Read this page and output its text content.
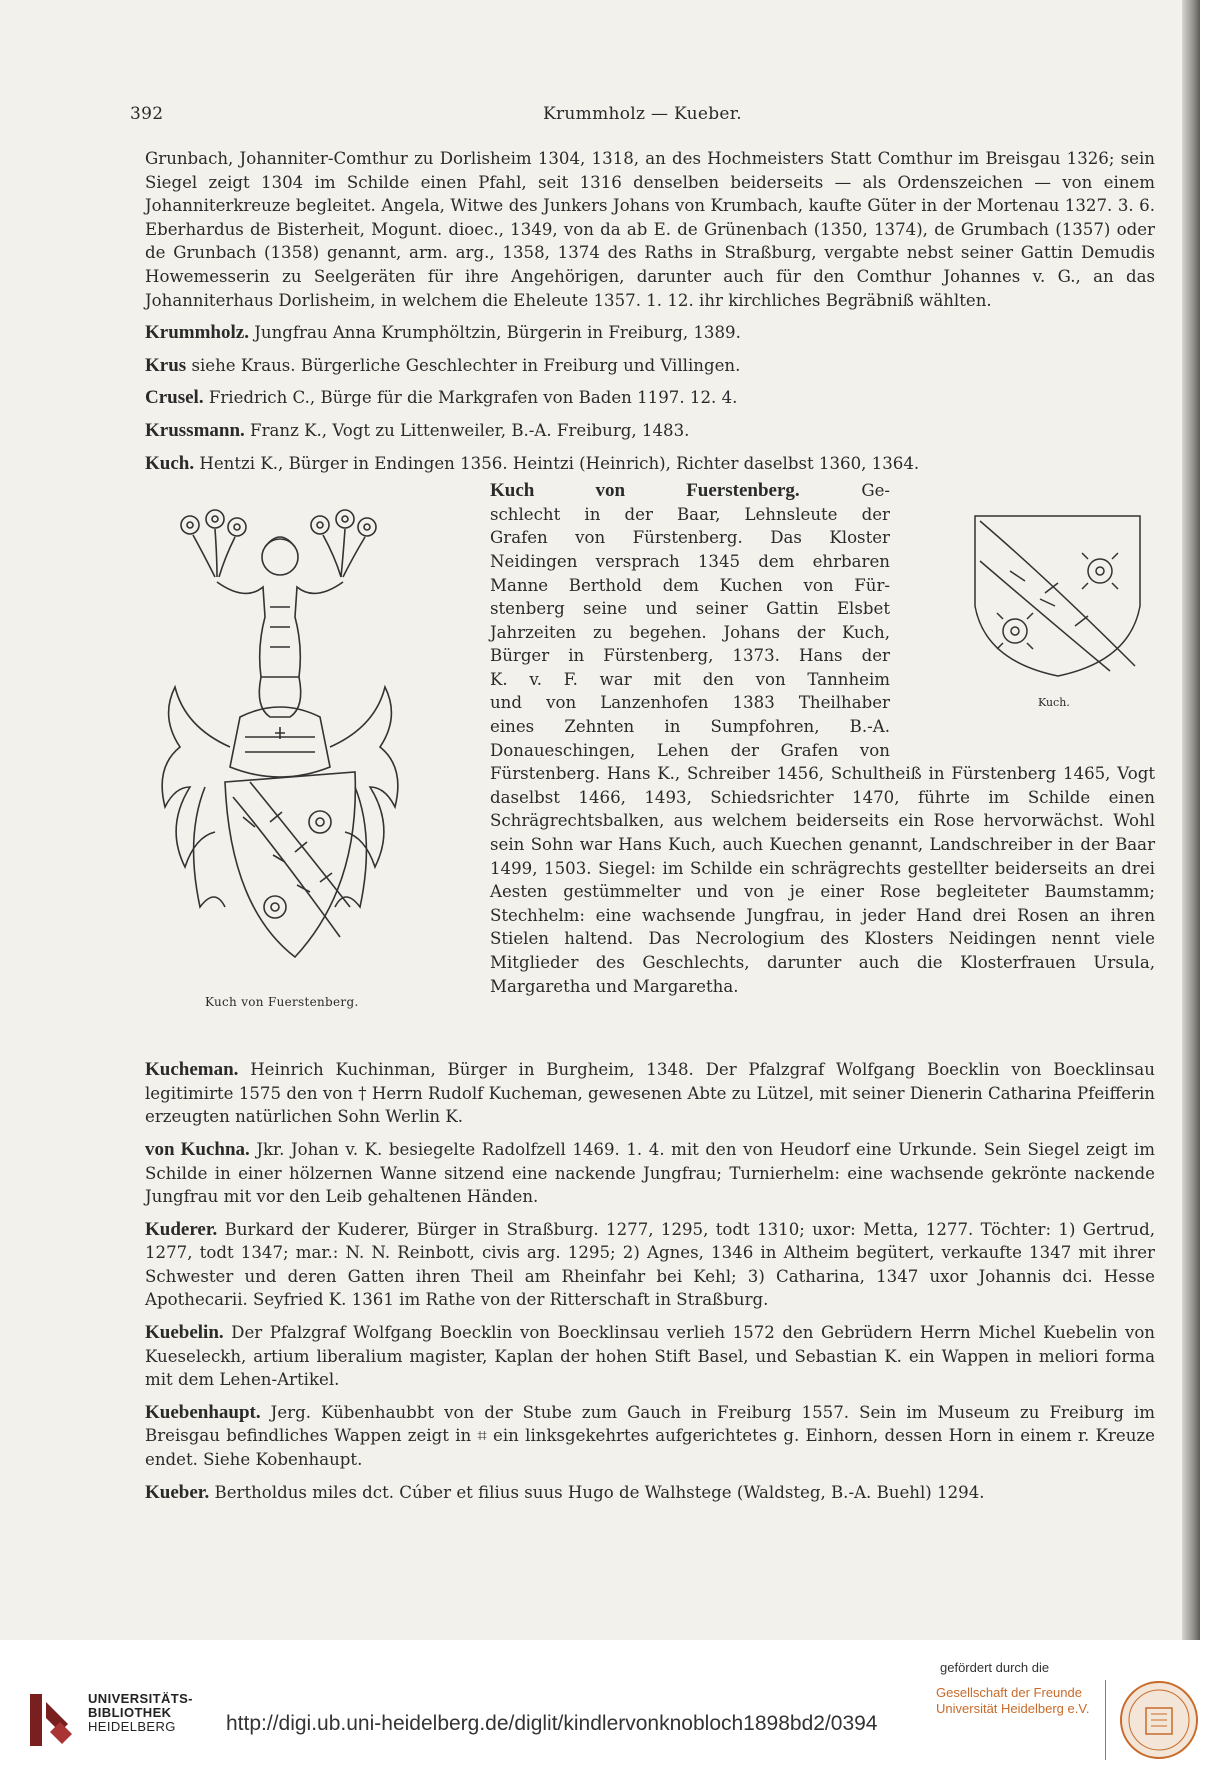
392	Krummholz — Kueber.

Grunbach, Johanniter-Comthur zu Dorlisheim 1304, 1318, an des Hochmeisters Statt Comthur im Breisgau 1326; sein Siegel zeigt 1304 im Schilde einen Pfahl, seit 1316 denselben beiderseits — als Ordenszeichen — von einem Johanniterkreuze begleitet. Angela, Witwe des Junkers Johans von Krumbach, kaufte Güter in der Mortenau 1327. 3. 6. Eberhardus de Bisterheit, Mogunt. dioec., 1349, von da ab E. de Grünenbach (1350, 1374), de Grumbach (1357) oder de Grunbach (1358) genannt, arm. arg., 1358, 1374 des Raths in Straßburg, vergabte nebst seiner Gattin Demudis Howemesserin zu Seelgeräten für ihre Angehörigen, darunter auch für den Comthur Johannes v. G., an das Johanniterhaus Dorlisheim, in welchem die Eheleute 1357. 1. 12. ihr kirchliches Begräbniß wählten.

Krummholz. Jungfrau Anna Krumphöltzin, Bürgerin in Freiburg, 1389.

Krus siehe Kraus. Bürgerliche Geschlechter in Freiburg und Villingen.

Crusel. Friedrich C., Bürge für die Markgrafen von Baden 1197. 12. 4.

Krussmann. Franz K., Vogt zu Littenweiler, B.-A. Freiburg, 1483.

Kuch. Hentzi K., Bürger in Endingen 1356. Heintzi (Heinrich), Richter daselbst 1360, 1364.

Kuch von Fuerstenberg.
Kuch.
Kuch von Fuerstenberg.	Ge-
schlecht in der Baar, Lehnsleute der
Grafen von Fürstenberg. Das Kloster
Neidingen versprach 1345 dem ehrbaren
Manne Berthold dem Kuchen von Für-
stenberg seine und seiner Gattin Elsbet
Jahrzeiten zu begehen. Johans der Kuch,
Bürger in Fürstenberg, 1373. Hans der
K. v. F. war mit den von Tannheim
und von Lanzenhofen 1383 Theilhaber
eines Zehnten in Sumpfohren, B.-A.
Donaueschingen, Lehen der Grafen von
Fürstenberg. Hans K., Schreiber 1456, Schultheiß in Fürstenberg 1465, Vogt daselbst 1466, 1493, Schiedsrichter 1470, führte im Schilde einen Schrägrechtsbalken, aus welchem beiderseits ein Rose hervorwächst. Wohl sein Sohn war Hans Kuch, auch Kuechen genannt, Landschreiber in der Baar 1499, 1503. Siegel: im Schilde ein schrägrechts gestellter beiderseits an drei Aesten gestümmelter und von je einer Rose begleiteter Baumstamm; Stechhelm: eine wachsende Jungfrau, in jeder Hand drei Rosen an ihren Stielen haltend. Das Necrologium des Klosters Neidingen nennt viele Mitglieder des Geschlechts, darunter auch die Klosterfrauen Ursula, Margaretha und Margaretha.

Kucheman. Heinrich Kuchinman, Bürger in Burgheim, 1348. Der Pfalzgraf Wolfgang Boecklin von Boecklinsau legitimirte 1575 den von † Herrn Rudolf Kucheman, gewesenen Abte zu Lützel, mit seiner Dienerin Catharina Pfeifferin erzeugten natürlichen Sohn Werlin K.

von Kuchna. Jkr. Johan v. K. besiegelte Radolfzell 1469. 1. 4. mit den von Heudorf eine Urkunde. Sein Siegel zeigt im Schilde in einer hölzernen Wanne sitzend eine nackende Jungfrau; Turnierhelm: eine wachsende gekrönte nackende Jungfrau mit vor den Leib gehaltenen Händen.

Kuderer. Burkard der Kuderer, Bürger in Straßburg. 1277, 1295, todt 1310; uxor: Metta, 1277. Töchter: 1) Gertrud, 1277, todt 1347; mar.: N. N. Reinbott, civis arg. 1295; 2) Agnes, 1346 in Altheim begütert, verkaufte 1347 mit ihrer Schwester und deren Gatten ihren Theil am Rheinfahr bei Kehl; 3) Catharina, 1347 uxor Johannis dci. Hesse Apothecarii. Seyfried K. 1361 im Rathe von der Ritterschaft in Straßburg.

Kuebelin. Der Pfalzgraf Wolfgang Boecklin von Boecklinsau verlieh 1572 den Gebrüdern Herrn Michel Kuebelin von Kueseleckh, artium liberalium magister, Kaplan der hohen Stift Basel, und Sebastian K. ein Wappen in meliori forma mit dem Lehen-Artikel.

Kuebenhaupt. Jerg. Kübenhaubbt von der Stube zum Gauch in Freiburg 1557. Sein im Museum zu Freiburg im Breisgau befindliches Wappen zeigt in ⌗ ein linksgekehrtes aufgerichtetes g. Einhorn, dessen Horn in einem r. Kreuze endet. Siehe Kobenhaupt.

Kueber. Bertholdus miles dct. Cúber et filius suus Hugo de Walhstege (Waldsteg, B.-A. Buehl) 1294.

UNIVERSITÄTS-
BIBLIOTHEK
HEIDELBERG	http://digi.ub.uni-heidelberg.de/diglit/kindlervonknobloch1898bd2/0394
gefördert durch die
Gesellschaft der Freunde
Universität Heidelberg e.V.
